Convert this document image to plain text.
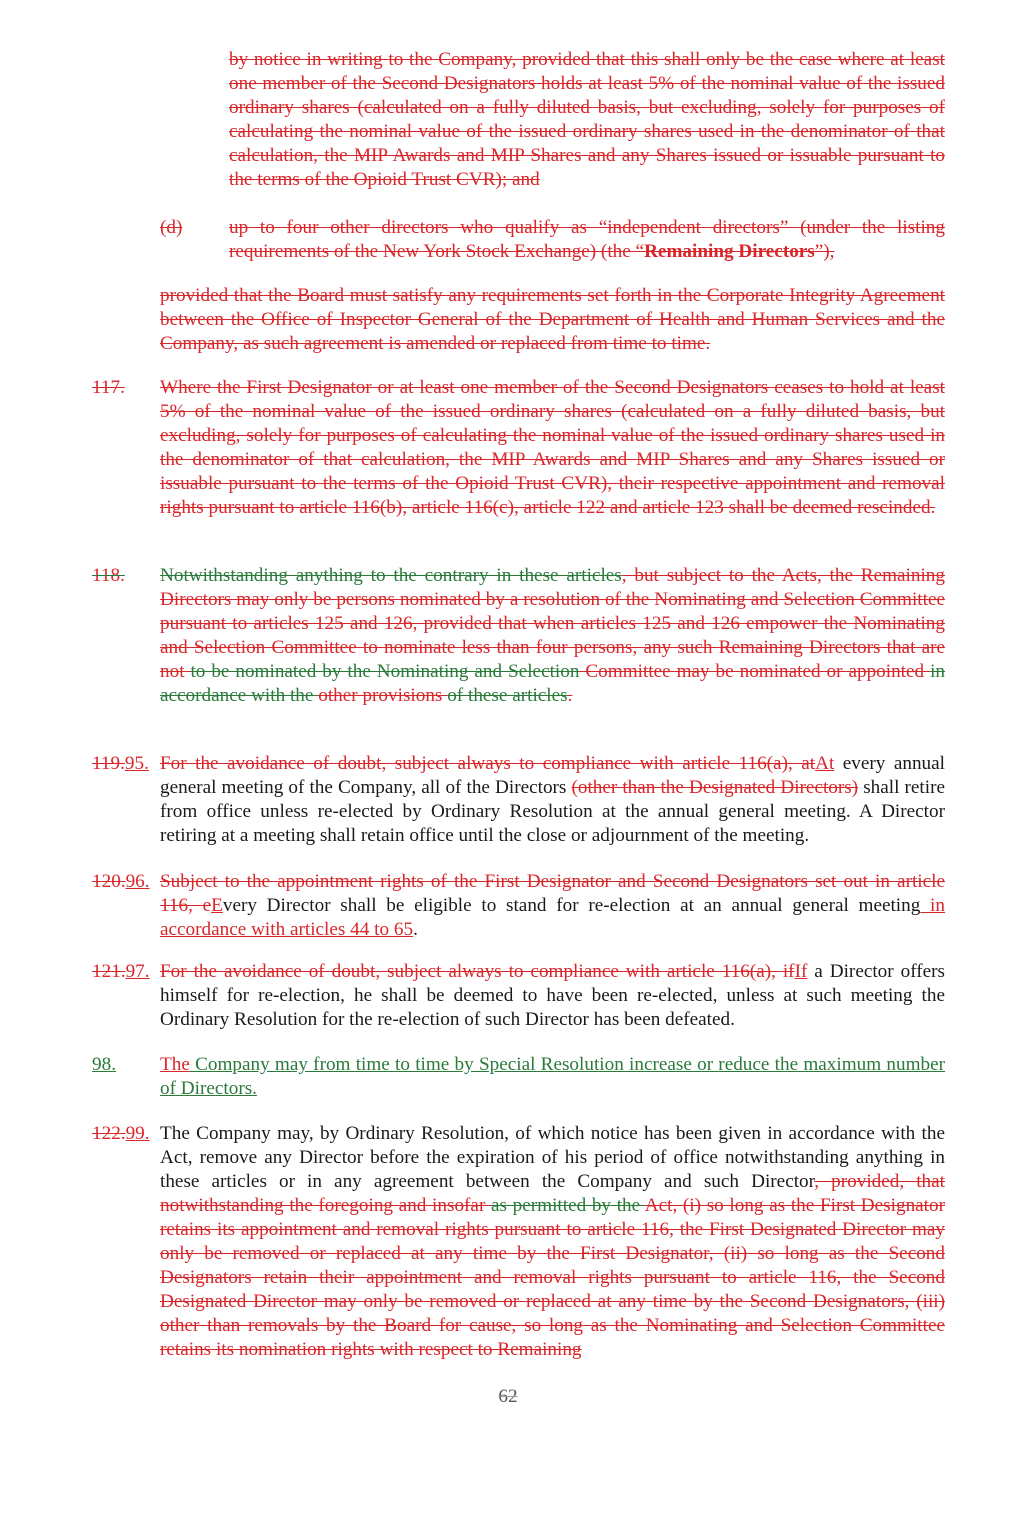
by notice in writing to the Company, provided that this shall only be the case where at least one member of the Second Designators holds at least 5% of the nominal value of the issued ordinary shares (calculated on a fully diluted basis, but excluding, solely for purposes of calculating the nominal value of the issued ordinary shares used in the denominator of that calculation, the MIP Awards and MIP Shares and any Shares issued or issuable pursuant to the terms of the Opioid Trust CVR); and
(d)	up to four other directors who qualify as “independent directors” (under the listing requirements of the New York Stock Exchange) (the “Remaining Directors”),
provided that the Board must satisfy any requirements set forth in the Corporate Integrity Agreement between the Office of Inspector General of the Department of Health and Human Services and the Company, as such agreement is amended or replaced from time to time.
117.	Where the First Designator or at least one member of the Second Designators ceases to hold at least 5% of the nominal value of the issued ordinary shares (calculated on a fully diluted basis, but excluding, solely for purposes of calculating the nominal value of the issued ordinary shares used in the denominator of that calculation, the MIP Awards and MIP Shares and any Shares issued or issuable pursuant to the terms of the Opioid Trust CVR), their respective appointment and removal rights pursuant to article 116(b), article 116(c), article 122 and article 123 shall be deemed rescinded.
118.	Notwithstanding anything to the contrary in these articles, but subject to the Acts, the Remaining Directors may only be persons nominated by a resolution of the Nominating and Selection Committee pursuant to articles 125 and 126, provided that when articles 125 and 126 empower the Nominating and Selection Committee to nominate less than four persons, any such Remaining Directors that are not to be nominated by the Nominating and Selection Committee may be nominated or appointed in accordance with the other provisions of these articles.
119.95. For the avoidance of doubt, subject always to compliance with article 116(a), atAt every annual general meeting of the Company, all of the Directors (other than the Designated Directors) shall retire from office unless re-elected by Ordinary Resolution at the annual general meeting. A Director retiring at a meeting shall retain office until the close or adjournment of the meeting.
120.96. Subject to the appointment rights of the First Designator and Second Designators set out in article 116, eEvery Director shall be eligible to stand for re-election at an annual general meeting in accordance with articles 44 to 65.
121.97. For the avoidance of doubt, subject always to compliance with article 116(a), ifIf a Director offers himself for re-election, he shall be deemed to have been re-elected, unless at such meeting the Ordinary Resolution for the re-election of such Director has been defeated.
98. The Company may from time to time by Special Resolution increase or reduce the maximum number of Directors.
122.99. The Company may, by Ordinary Resolution, of which notice has been given in accordance with the Act, remove any Director before the expiration of his period of office notwithstanding anything in these articles or in any agreement between the Company and such Director, provided, that notwithstanding the foregoing and insofar as permitted by the Act, (i) so long as the First Designator retains its appointment and removal rights pursuant to article 116, the First Designated Director may only be removed or replaced at any time by the First Designator, (ii) so long as the Second Designators retain their appointment and removal rights pursuant to article 116, the Second Designated Director may only be removed or replaced at any time by the Second Designators, (iii) other than removals by the Board for cause, so long as the Nominating and Selection Committee retains its nomination rights with respect to Remaining
62
